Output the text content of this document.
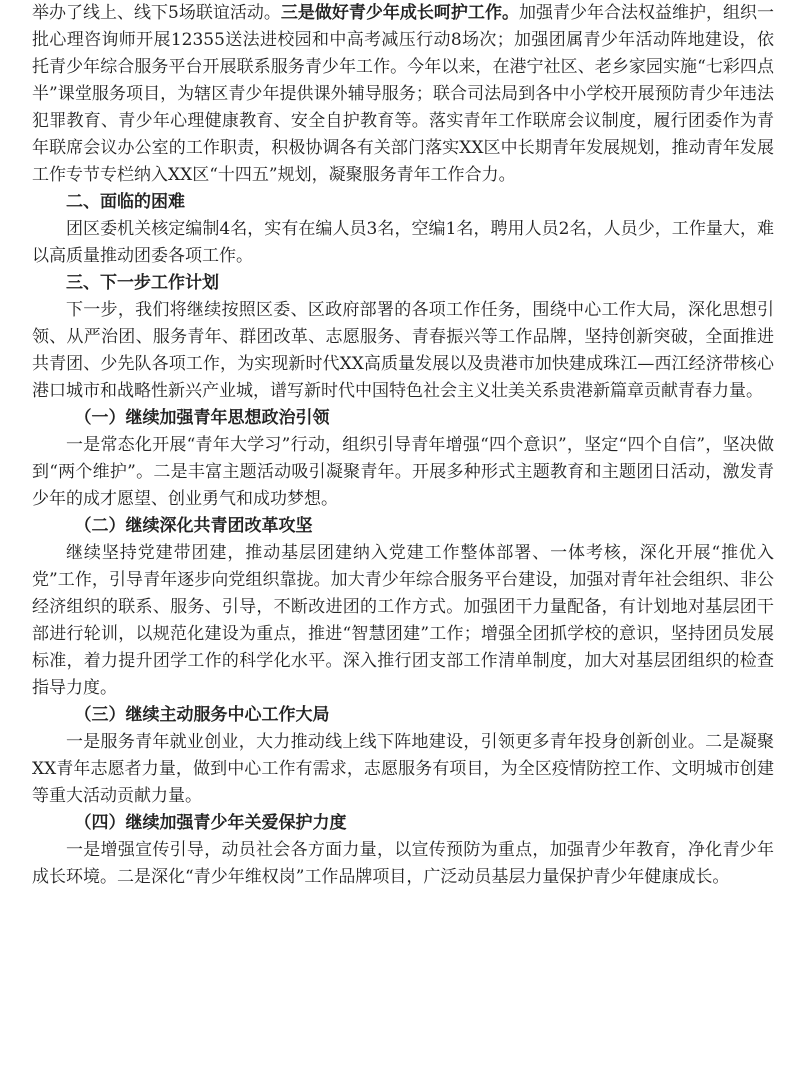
举办了线上、线下5场联谊活动。三是做好青少年成长呵护工作。加强青少年合法权益维护，组织一批心理咨询师开展12355送法进校园和中高考减压行动8场次；加强团属青少年活动阵地建设，依托青少年综合服务平台开展联系服务青少年工作。今年以来，在港宁社区、老乡家园实施“七彩四点半”课堂服务项目，为辖区青少年提供课外辅导服务；联合司法局到各中小学校开展预防青少年违法犯罪教育、青少年心理健康教育、安全自护教育等。落实青年工作联席会议制度，履行团委作为青年联席会议办公室的工作职责，积极协调各有关部门落实XX区中长期青年发展规划，推动青年发展工作专节专栏纳入XX区“十四五”规划，凝聚服务青年工作合力。

二、面临的困难

团区委机关核定编制4名，实有在编人员3名，空编1名，聘用人员2名，人员少，工作量大，难以高质量推动团委各项工作。

三、下一步工作计划

下一步，我们将继续按照区委、区政府部署的各项工作任务，围绕中心工作大局，深化思想引领、从严治团、服务青年、群团改革、志愿服务、青春振兴等工作品牌，坚持创新突破，全面推进共青团、少先队各项工作，为实现新时代XX高质量发展以及贵港市加快建成珠江—西江经济带核心港口城市和战略性新兴产业城，谱写新时代中国特色社会主义壮美关系贵港新篇章贡献青春力量。

（一）继续加强青年思想政治引领

一是常态化开展“青年大学习”行动，组织引导青年增强“四个意识”，坚定“四个自信”，坚决做到“两个维护”。二是丰富主题活动吸引凝聚青年。开展多种形式主题教育和主题团日活动，激发青少年的成才愿望、创业勇气和成功梦想。

（二）继续深化共青团改革攻坚

继续坚持党建带团建，推动基层团建纳入党建工作整体部署、一体考核，深化开展“推优入党”工作，引导青年逐步向党组织靠拢。加大青少年综合服务平台建设，加强对青年社会组织、非公经济组织的联系、服务、引导，不断改进团的工作方式。加强团干力量配备，有计划地对基层团干部进行轮训，以规范化建设为重点，推进“智慧团建”工作；增强全团抓学校的意识，坚持团员发展标准，着力提升团学工作的科学化水平。深入推行团支部工作清单制度，加大对基层团组织的检查指导力度。

（三）继续主动服务中心工作大局

一是服务青年就业创业，大力推动线上线下阵地建设，引领更多青年投身创新创业。二是凝聚XX青年志愿者力量，做到中心工作有需求，志愿服务有项目，为全区疫情防控工作、文明城市创建等重大活动贡献力量。

（四）继续加强青少年关爱保护力度

一是增强宣传引导，动员社会各方面力量，以宣传预防为重点，加强青少年教育，净化青少年成长环境。二是深化“青少年维权岗”工作品牌项目，广泛动员基层力量保护青少年健康成长。
